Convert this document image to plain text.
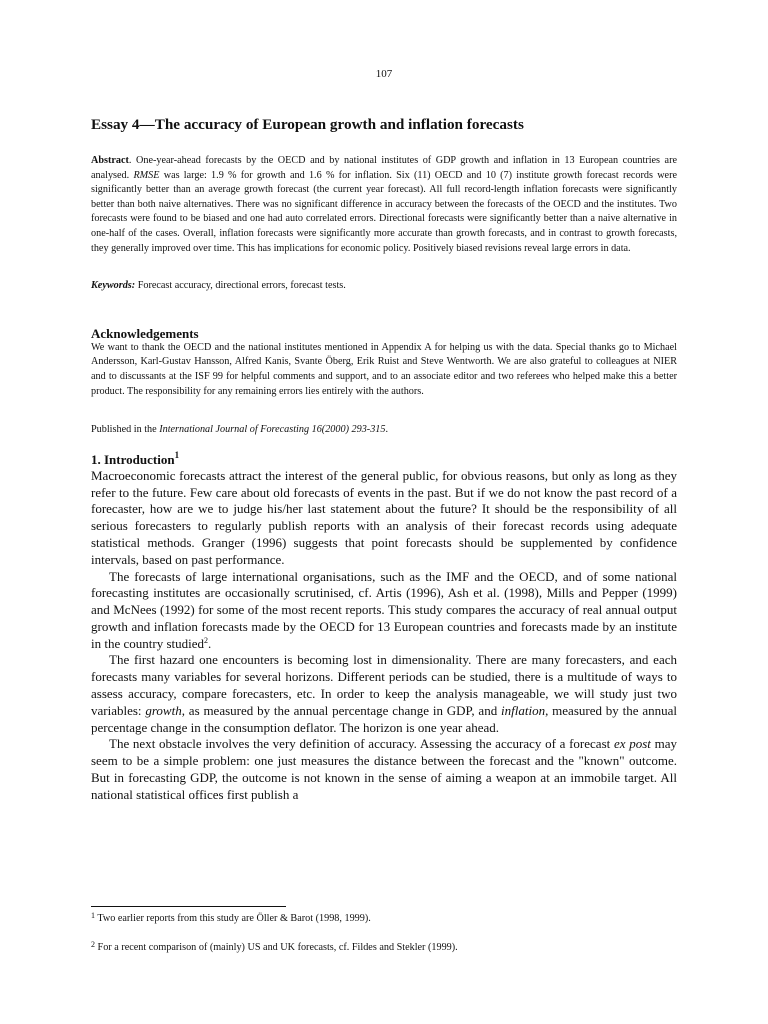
107
Essay 4—The accuracy of European growth and inflation forecasts
Abstract. One-year-ahead forecasts by the OECD and by national institutes of GDP growth and inflation in 13 European countries are analysed. RMSE was large: 1.9 % for growth and 1.6 % for inflation. Six (11) OECD and 10 (7) institute growth forecast records were significantly better than an average growth forecast (the current year forecast). All full record-length inflation forecasts were significantly better than both naive alternatives. There was no significant difference in accuracy between the forecasts of the OECD and the institutes. Two forecasts were found to be biased and one had auto correlated errors. Directional forecasts were significantly better than a naive alternative in one-half of the cases. Overall, inflation forecasts were significantly more accurate than growth forecasts, and in contrast to growth forecasts, they generally improved over time. This has implications for economic policy. Positively biased revisions reveal large errors in data.
Keywords: Forecast accuracy, directional errors, forecast tests.
Acknowledgements
We want to thank the OECD and the national institutes mentioned in Appendix A for helping us with the data. Special thanks go to Michael Andersson, Karl-Gustav Hansson, Alfred Kanis, Svante Öberg, Erik Ruist and Steve Wentworth. We are also grateful to colleagues at NIER and to discussants at the ISF 99 for helpful comments and support, and to an associate editor and two referees who helped make this a better product. The responsibility for any remaining errors lies entirely with the authors.
Published in the International Journal of Forecasting 16(2000) 293-315.
1. Introduction$^1$

Macroeconomic forecasts attract the interest of the general public, for obvious reasons, but only as long as they refer to the future. Few care about old forecasts of events in the past. But if we do not know the past record of a forecaster, how are we to judge his/her last statement about the future? It should be the responsibility of all serious forecasters to regularly publish reports with an analysis of their forecast records using adequate statistical methods. Granger (1996) suggests that point forecasts should be supplemented by confidence intervals, based on past performance.

The forecasts of large international organisations, such as the IMF and the OECD, and of some national forecasting institutes are occasionally scrutinised, cf. Artis (1996), Ash et al. (1998), Mills and Pepper (1999) and McNees (1992) for some of the most recent reports. This study compares the accuracy of real annual output growth and inflation forecasts made by the OECD for 13 European countries and forecasts made by an institute in the country studied$^2$.

The first hazard one encounters is becoming lost in dimensionality. There are many forecasters, and each forecasts many variables for several horizons. Different periods can be studied, there is a multitude of ways to assess accuracy, compare forecasters, etc. In order to keep the analysis manageable, we will study just two variables: growth, as measured by the annual percentage change in GDP, and inflation, measured by the annual percentage change in the consumption deflator. The horizon is one year ahead.

The next obstacle involves the very definition of accuracy. Assessing the accuracy of a forecast ex post may seem to be a simple problem: one just measures the distance between the forecast and the "known" outcome. But in forecasting GDP, the outcome is not known in the sense of aiming a weapon at an immobile target. All national statistical offices first publish a

$^1$ Two earlier reports from this study are Öller & Barot (1998, 1999).
$^2$ For a recent comparison of (mainly) US and UK forecasts, cf. Fildes and Stekler (1999).
